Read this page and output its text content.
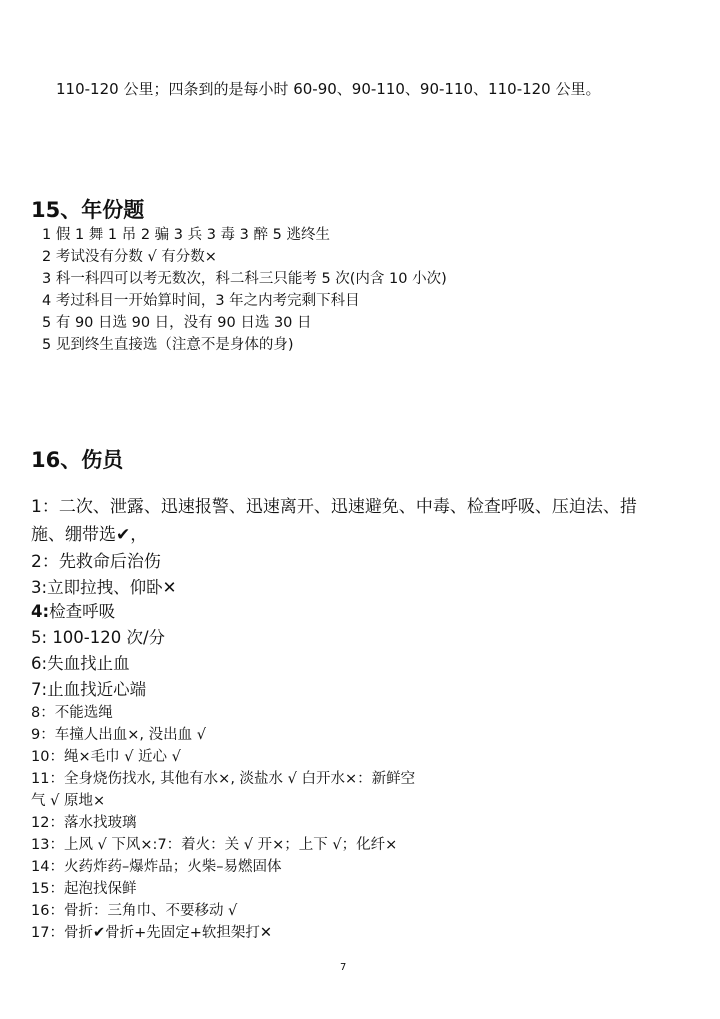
110-120 公里；四条到的是每小时 60-90、90-110、90-110、110-120 公里。
15、年份题
1 假 1 舞 1 吊 2 骗 3 兵 3 毒 3 醉 5 逃终生
2 考试没有分数 √ 有分数×
3 科一科四可以考无数次，科二科三只能考 5 次(内含 10 小次)
4 考过科目一开始算时间，3 年之内考完剩下科目
5 有 90 日选 90 日，没有 90 日选 30 日
5 见到终生直接选（注意不是身体的身)
16、伤员
1：二次、泄露、迅速报警、迅速离开、迅速避免、中毒、检查呼吸、压迫法、措
施、绷带选✔，
2：先救命后治伤
3:立即拉拽、仰卧✕
4:检查呼吸
5: 100-120 次/分
6:失血找止血
7:止血找近心端
8：不能选绳
9：车撞人出血×, 没出血 √
10：绳×毛巾 √ 近心 √
11：全身烧伤找水, 其他有水×, 淡盐水 √ 白开水×：新鲜空
气 √ 原地×
12：落水找玻璃
13：上风 √ 下风×:7：着火：关 √ 开×；上下 √；化纤×
14：火药炸药–爆炸品；火柴–易燃固体
15：起泡找保鲜
16：骨折：三角巾、不要移动 √
17：骨折✔骨折+先固定+软担架打✕
7
